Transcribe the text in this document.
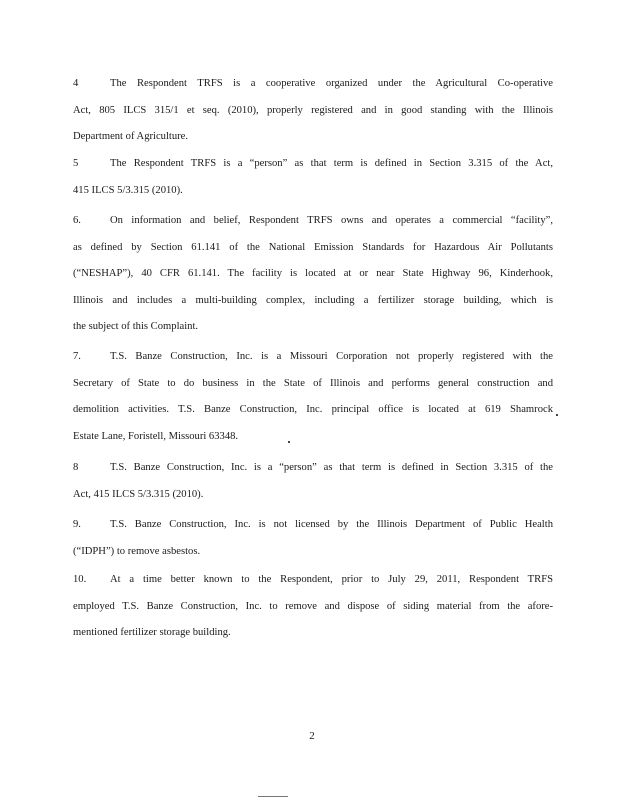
4	The Respondent TRFS is a cooperative organized under the Agricultural Co-operative
Act, 805 ILCS 315/1 et seq. (2010), properly registered and in good standing with the Illinois
Department of Agriculture.
5	The Respondent TRFS is a “person” as that term is defined in Section 3.315 of the Act,
415 ILCS 5/3.315 (2010).
6.	On information and belief, Respondent TRFS owns and operates a commercial “facility”,
as defined by Section 61.141 of the National Emission Standards for Hazardous Air Pollutants
(“NESHAP”), 40 CFR 61.141. The facility is located at or near State Highway 96, Kinderhook,
Illinois and includes a multi-building complex, including a fertilizer storage building, which is
the subject of this Complaint.
7.	T.S. Banze Construction, Inc. is a Missouri Corporation not properly registered with the
Secretary of State to do business in the State of Illinois and performs general construction and
demolition activities. T.S. Banze Construction, Inc. principal office is located at 619 Shamrock
Estate Lane, Foristell, Missouri 63348.
8	T.S. Banze Construction, Inc. is a “person” as that term is defined in Section 3.315 of the
Act, 415 ILCS 5/3.315 (2010).
9.	T.S. Banze Construction, Inc. is not licensed by the Illinois Department of Public Health
(“IDPH”) to remove asbestos.
10. At a time better known to the Respondent, prior to July 29, 2011, Respondent TRFS
employed T.S. Banze Construction, Inc. to remove and dispose of siding material from the afore-
mentioned fertilizer storage building.
2
